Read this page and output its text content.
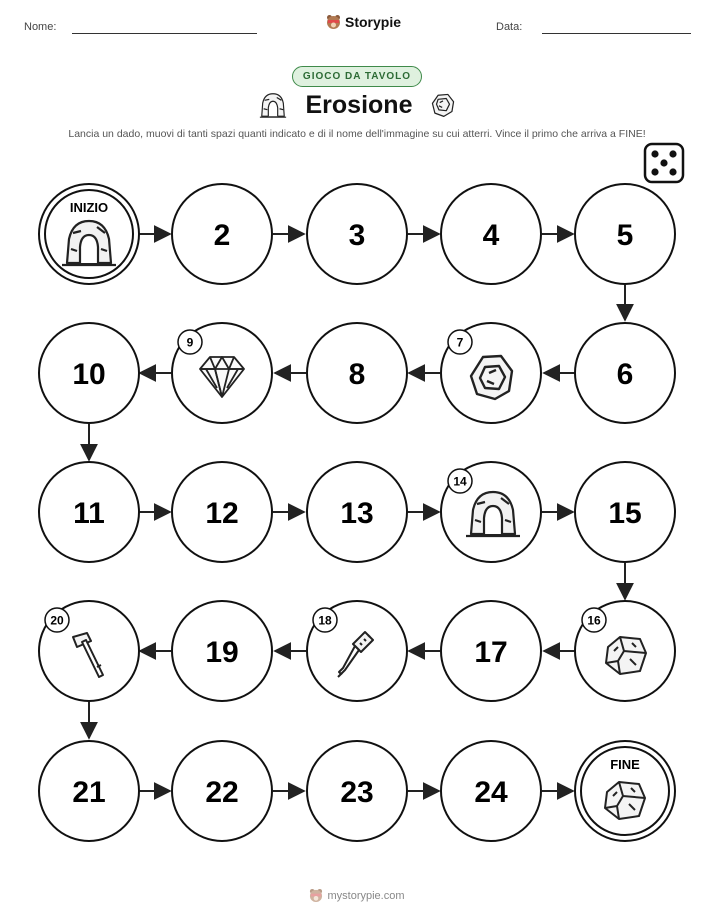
Nome:	Storypie	Data:
GIOCO DA TAVOLO
Erosione
Lancia un dado, muovi di tanti spazi quanti indicato e di il nome dell'immagine su cui atterri. Vince il primo che arriva a FINE!
INIZIO
2	3	4	5
10
9
8
7
6
11	12	13
14
15
20
19
18
17
16
21	22	23	24
FINE
mystorypie.com
